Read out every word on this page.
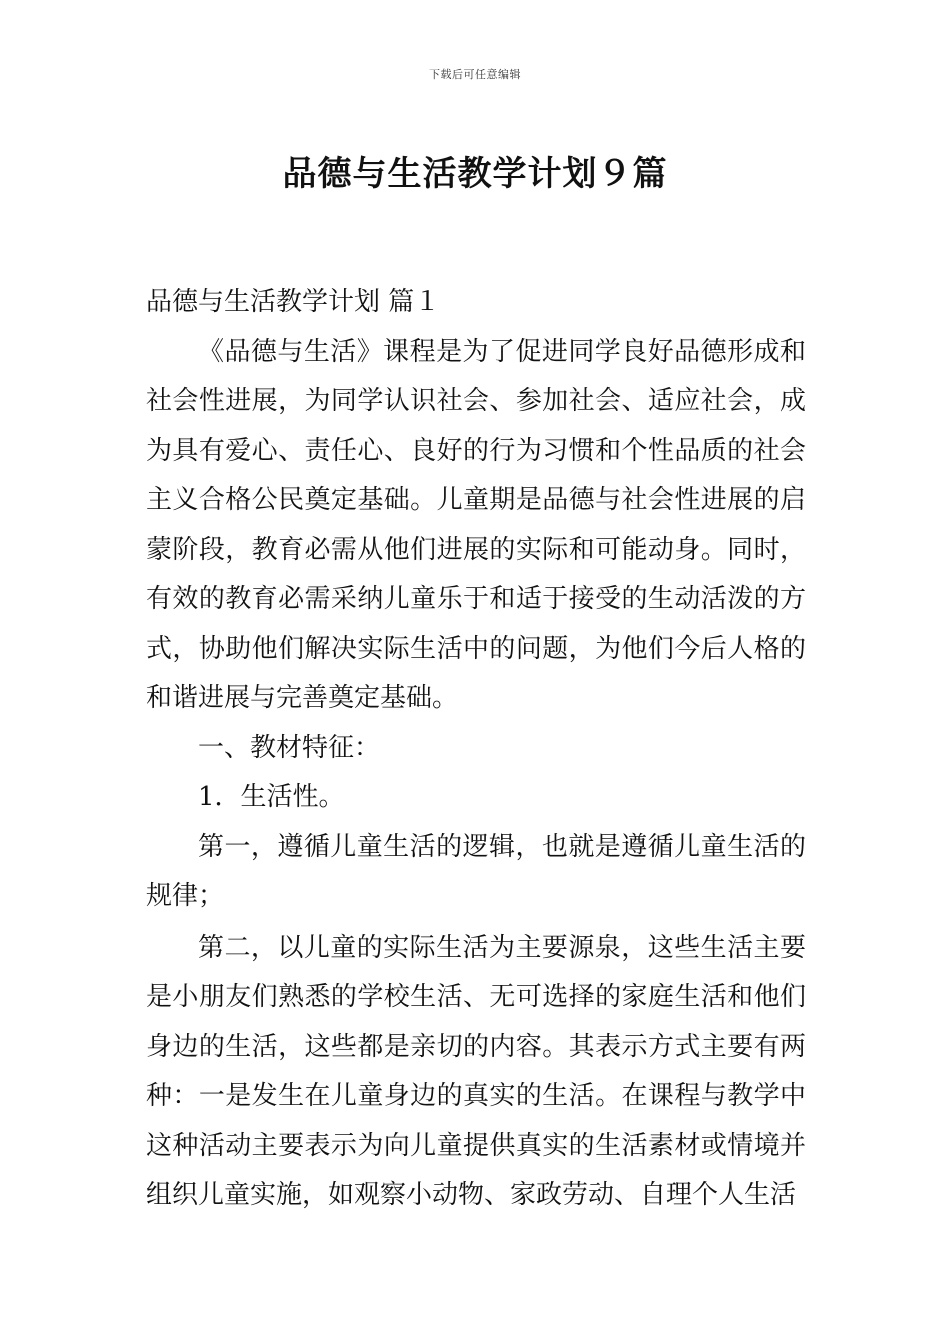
下载后可任意编辑
品德与生活教学计划９篇

品德与生活教学计划 篇１

《品德与生活》课程是为了促进同学良好品德形成和社会性进展，为同学认识社会、参加社会、适应社会，成为具有爱心、责任心、良好的行为习惯和个性品质的社会主义合格公民奠定基础。儿童期是品德与社会性进展的启蒙阶段，教育必需从他们进展的实际和可能动身。同时，有效的教育必需采纳儿童乐于和适于接受的生动活泼的方式，协助他们解决实际生活中的问题，为他们今后人格的和谐进展与完善奠定基础。

一、教材特征：

1．生活性。

第一，遵循儿童生活的逻辑，也就是遵循儿童生活的规律；

第二，以儿童的实际生活为主要源泉，这些生活主要是小朋友们熟悉的学校生活、无可选择的家庭生活和他们身边的生活，这些都是亲切的内容。其表示方式主要有两种：一是发生在儿童身边的真实的生活。在课程与教学中这种活动主要表示为向儿童提供真实的生活素材或情境并组织儿童实施，如观察小动物、家政劳动、自理个人生活
